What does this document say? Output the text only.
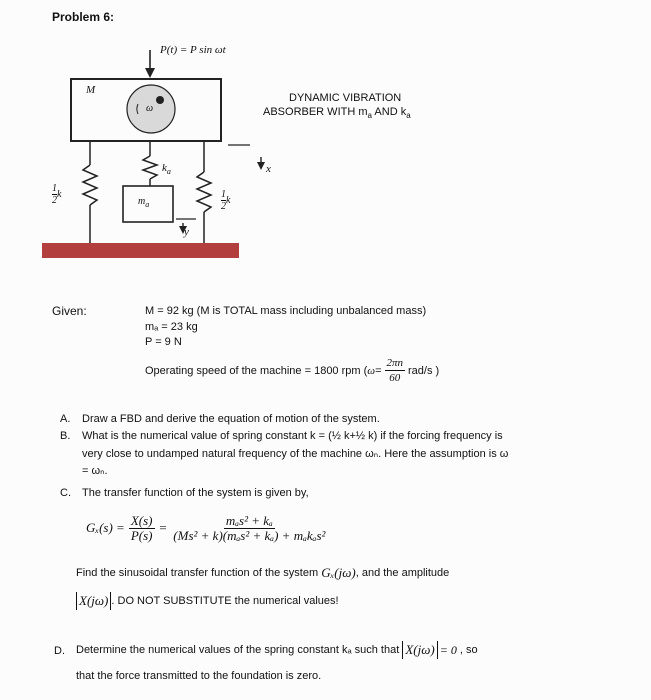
Problem 6:
P(t) = P sin ωt
M
ω
$k_a$
$m_a$
$\frac{1}{2}$ k	$\frac{1}{2}$ k
x
y
DYNAMIC VIBRATION
ABSORBER WITH $m_a$ AND $k_a$
Given:	M = 92 kg (M is TOTAL mass including unbalanced mass)
mₐ = 23 kg
P = 9 N
Operating speed of the machine = 1800 rpm ( $\omega = \frac{2\pi n}{60} rad/s$ )
A. Draw a FBD and derive the equation of motion of the system.
B. What is the numerical value of spring constant k = (½ k+½ k) if the forcing frequency is
very close to undamped natural frequency of the machine ωₙ. Here the assumption is ω
= ωₙ.
C. The transfer function of the system is given by,
$G_x(s) = \frac{X(s)}{P(s)} = \frac{\text{mₐs² + kₐ}}{\text{(Ms² + k)(mₐs² + kₐ) + mₐkₐs²}}$
Find the sinusoidal transfer function of the system
Gₓ(jω) , and the amplitude
X(jω) . DO NOT SUBSTITUTE the numerical values!
D. Determine the numerical values of the spring constant kₐ such that
X(jω) = 0
, so
that the force transmitted to the foundation is zero.
